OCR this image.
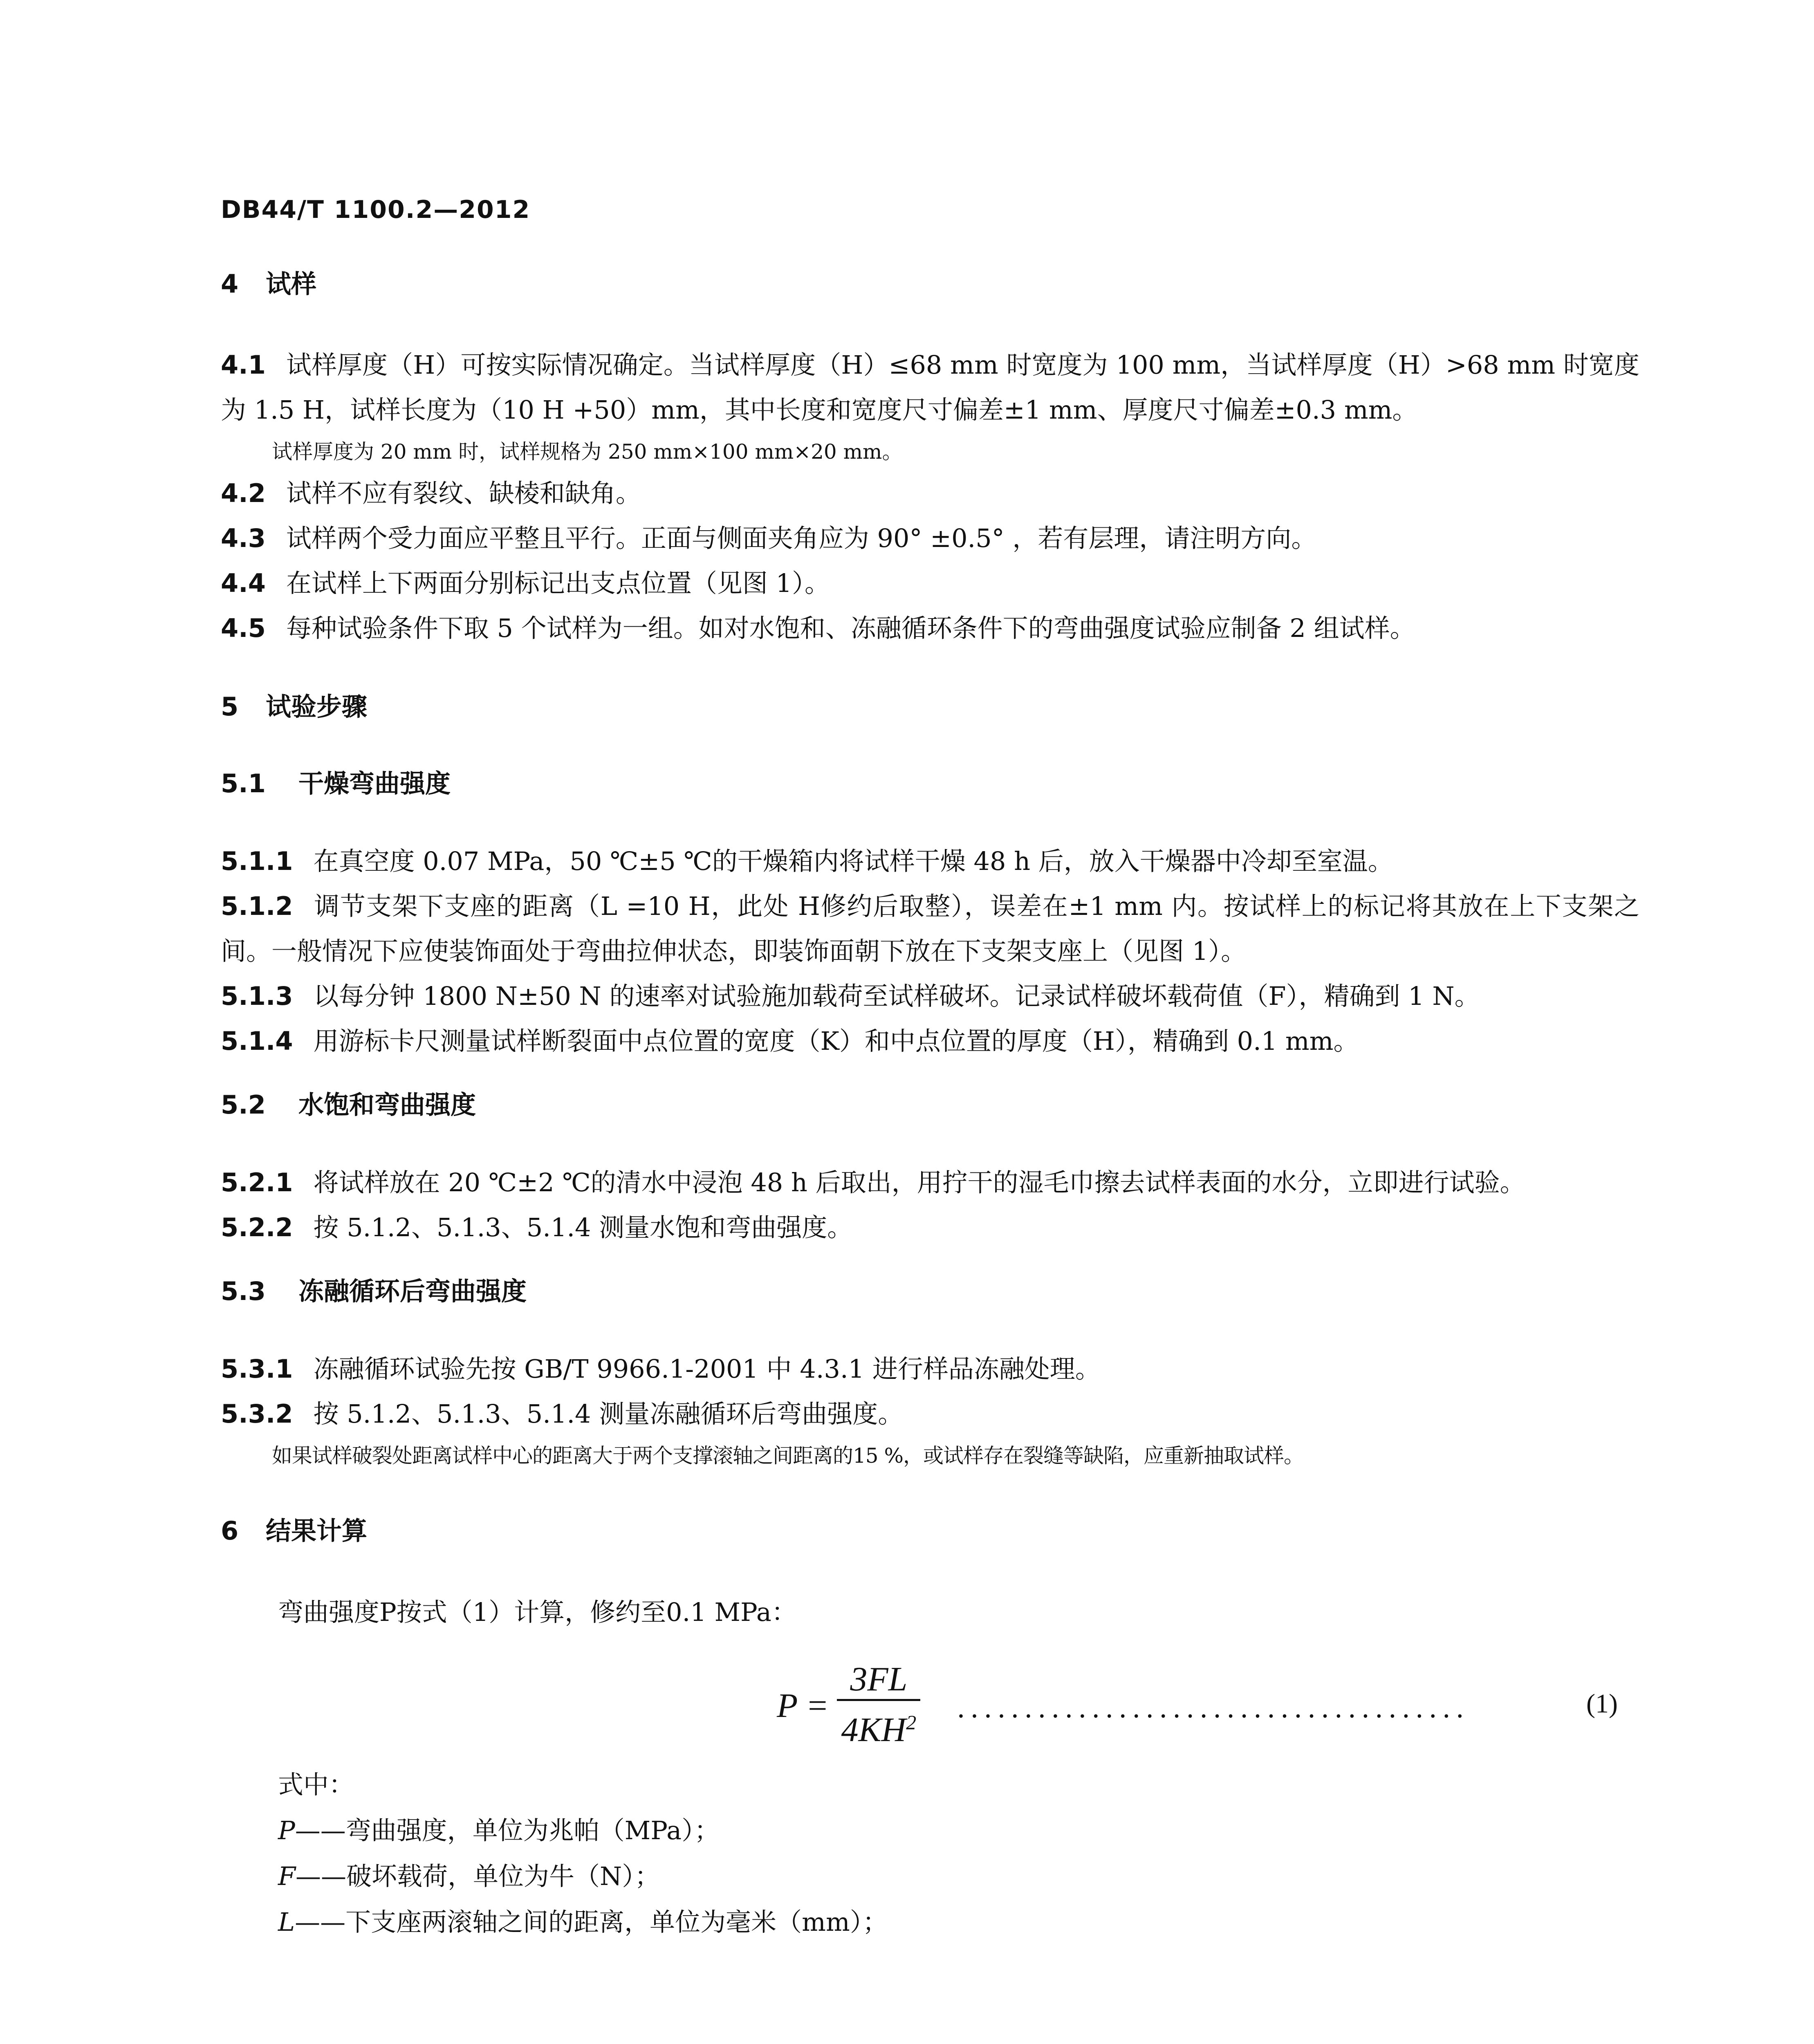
DB44/T 1100.2—2012
4 试样

4.1 试样厚度（H）可按实际情况确定。当试样厚度（H）≤68 mm 时宽度为 100 mm，当试样厚度（H）>68 mm 时宽度为 1.5 H，试样长度为（10 H +50）mm，其中长度和宽度尺寸偏差±1 mm、厚度尺寸偏差±0.3 mm。

试样厚度为 20 mm 时，试样规格为 250 mm×100 mm×20 mm。

4.2 试样不应有裂纹、缺棱和缺角。

4.3 试样两个受力面应平整且平行。正面与侧面夹角应为 90° ±0.5° ，若有层理，请注明方向。

4.4 在试样上下两面分别标记出支点位置（见图 1）。

4.5 每种试验条件下取 5 个试样为一组。如对水饱和、冻融循环条件下的弯曲强度试验应制备 2 组试样。

5 试验步骤
5.1 干燥弯曲强度

5.1.1 在真空度 0.07 MPa，50 ℃±5 ℃的干燥箱内将试样干燥 48 h 后，放入干燥器中冷却至室温。

5.1.2 调节支架下支座的距离（L =10 H，此处 H修约后取整），误差在±1 mm 内。按试样上的标记将其放在上下支架之间。一般情况下应使装饰面处于弯曲拉伸状态，即装饰面朝下放在下支架支座上（见图 1）。

5.1.3 以每分钟 1800 N±50 N 的速率对试验施加载荷至试样破坏。记录试样破坏载荷值（F），精确到 1 N。

5.1.4 用游标卡尺测量试样断裂面中点位置的宽度（K）和中点位置的厚度（H），精确到 0.1 mm。

5.2 水饱和弯曲强度

5.2.1 将试样放在 20 ℃±2 ℃的清水中浸泡 48 h 后取出，用拧干的湿毛巾擦去试样表面的水分，立即进行试验。

5.2.2 按 5.1.2、5.1.3、5.1.4 测量水饱和弯曲强度。

5.3 冻融循环后弯曲强度

5.3.1 冻融循环试验先按 GB/T 9966.1-2001 中 4.3.1 进行样品冻融处理。

5.3.2 按 5.1.2、5.1.3、5.1.4 测量冻融循环后弯曲强度。

如果试样破裂处距离试样中心的距离大于两个支撑滚轴之间距离的15 %，或试样存在裂缝等缺陷，应重新抽取试样。

6 结果计算

弯曲强度P按式（1）计算，修约至0.1 MPa：

P =
3FL
$4KH^2$ ......................................	(1)

式中：

P——弯曲强度，单位为兆帕（MPa）；

F——破坏载荷，单位为牛（N）；

L——下支座两滚轴之间的距离，单位为毫米（mm）；
